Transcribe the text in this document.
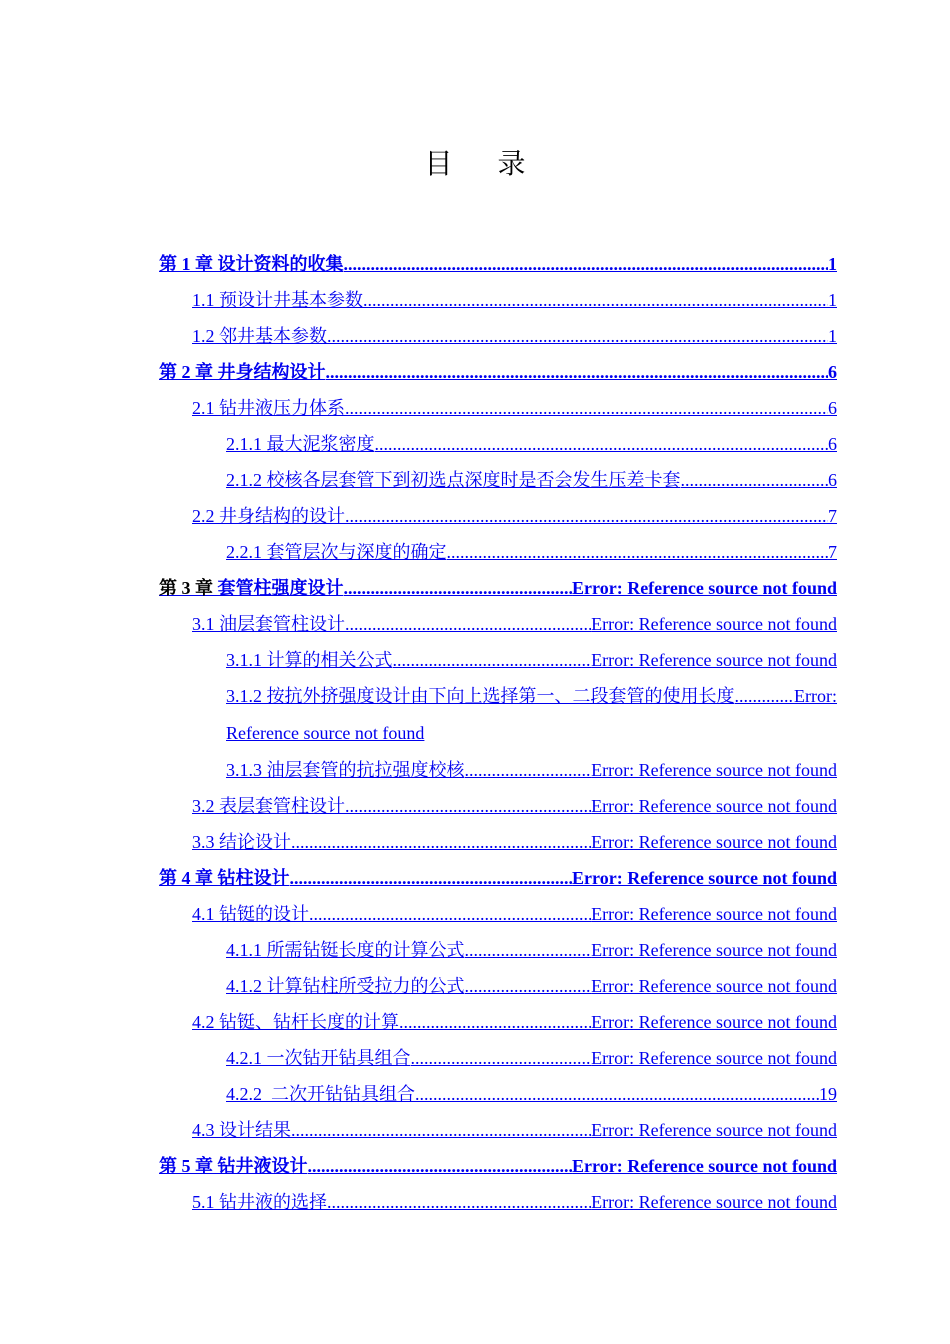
目 录
第 1 章 设计资料的收集 .....	1
1.1 预设计井基本参数 .....	1
1.2 邻井基本参数 .....	1
第 2 章 井身结构设计 .....	6
2.1 钻井液压力体系 .....	6
2.1.1 最大泥浆密度 .....	6
2.1.2 校核各层套管下到初选点深度时是否会发生压差卡套 .....	6
2.2 井身结构的设计 .....	7
2.2.1 套管层次与深度的确定 .....	7
第 3 章 套管柱强度设计 .....	Error: Reference source not found
3.1 油层套管柱设计 .....	Error: Reference source not found
3.1.1 计算的相关公式 .....	Error: Reference source not found
3.1.2 按抗外挤强度设计由下向上选择第一、二段套管的使用长度 .....	Error:
Reference source not found
3.1.3 油层套管的抗拉强度校核 .....	Error: Reference source not found
3.2 表层套管柱设计 .....	Error: Reference source not found
3.3 结论设计 .....	Error: Reference source not found
第 4 章 钻柱设计 .....	Error: Reference source not found
4.1 钻铤的设计 .....	Error: Reference source not found
4.1.1 所需钻铤长度的计算公式 .....	Error: Reference source not found
4.1.2 计算钻柱所受拉力的公式 .....	Error: Reference source not found
4.2 钻铤、钻杆长度的计算 .....	Error: Reference source not found
4.2.1 一次钻开钻具组合 .....	Error: Reference source not found
4.2.2  二次开钻钻具组合 .....	19
4.3 设计结果 .....	Error: Reference source not found
第 5 章 钻井液设计 .....	Error: Reference source not found
5.1 钻井液的选择 .....	Error: Reference source not found
